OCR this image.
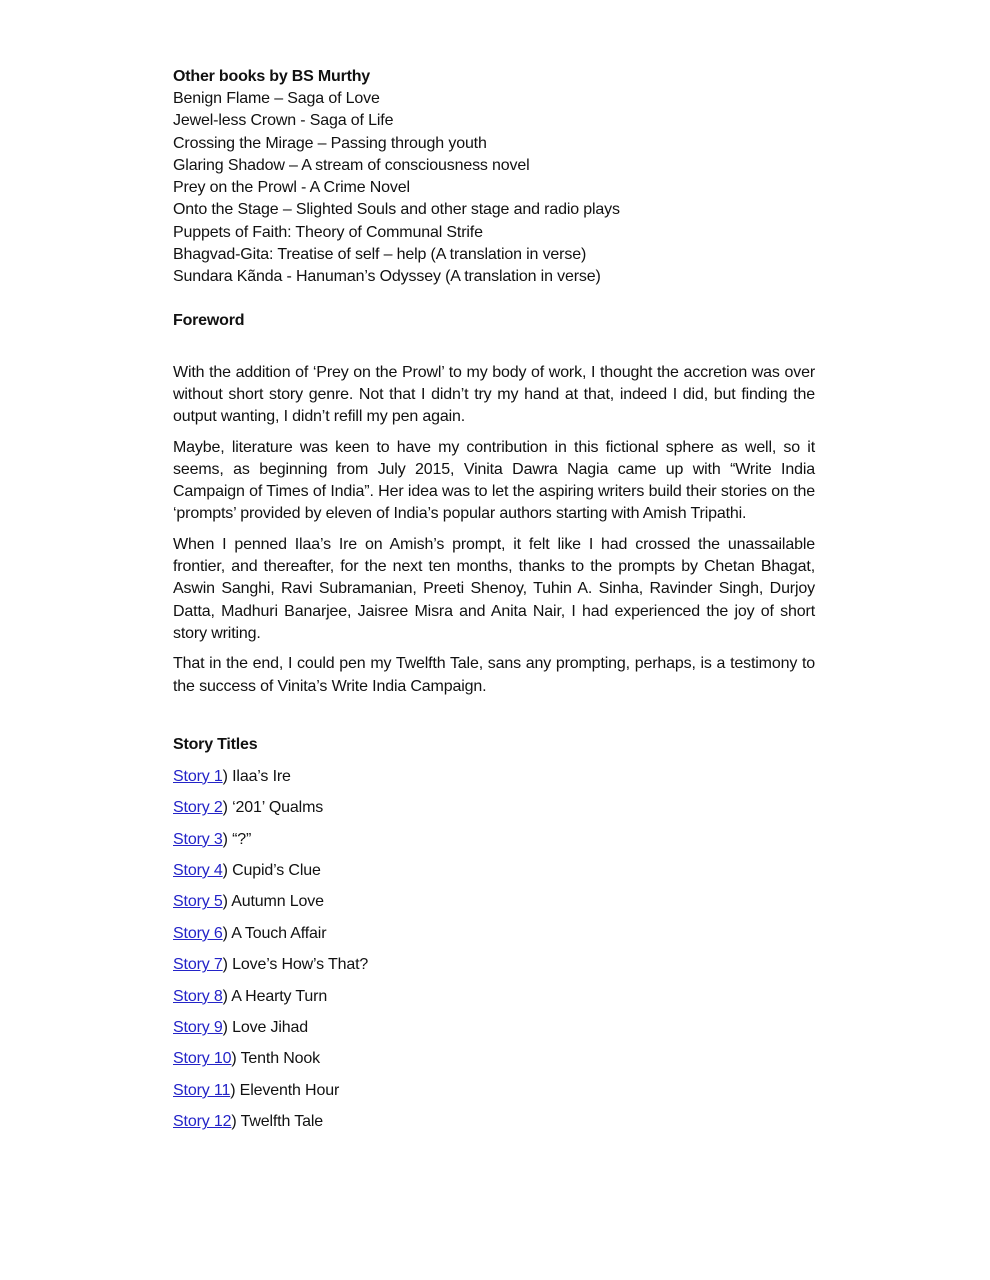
Other books by BS Murthy
Benign Flame – Saga of Love
Jewel-less Crown - Saga of Life
Crossing the Mirage – Passing through youth
Glaring Shadow – A stream of consciousness novel
Prey on the Prowl - A Crime Novel
Onto the Stage – Slighted Souls and other stage and radio plays
Puppets of Faith: Theory of Communal Strife
Bhagvad-Gita: Treatise of self – help (A translation in verse)
Sundara Kãnda - Hanuman’s Odyssey (A translation in verse)
Foreword

With the addition of ‘Prey on the Prowl’ to my body of work, I thought the accretion was over without short story genre. Not that I didn’t try my hand at that, indeed I did, but finding the output wanting, I didn’t refill my pen again.

Maybe, literature was keen to have my contribution in this fictional sphere as well, so it seems, as beginning from July 2015, Vinita Dawra Nagia came up with “Write India Campaign of Times of India”. Her idea was to let the aspiring writers build their stories on the ‘prompts’ provided by eleven of India’s popular authors starting with Amish Tripathi.

When I penned Ilaa’s Ire on Amish’s prompt, it felt like I had crossed the unassailable frontier, and thereafter, for the next ten months, thanks to the prompts by Chetan Bhagat, Aswin Sanghi, Ravi Subramanian, Preeti Shenoy, Tuhin A. Sinha, Ravinder Singh, Durjoy Datta, Madhuri Banarjee, Jaisree Misra and Anita Nair, I had experienced the joy of short story writing.

That in the end, I could pen my Twelfth Tale, sans any prompting, perhaps, is a testimony to the success of Vinita’s Write India Campaign.

Story Titles
Story 1) Ilaa’s Ire
Story 2) ‘201’ Qualms
Story 3) “?”
Story 4) Cupid’s Clue
Story 5) Autumn Love
Story 6) A Touch Affair
Story 7) Love’s How’s That?
Story 8) A Hearty Turn
Story 9) Love Jihad
Story 10) Tenth Nook
Story 11) Eleventh Hour
Story 12) Twelfth Tale
